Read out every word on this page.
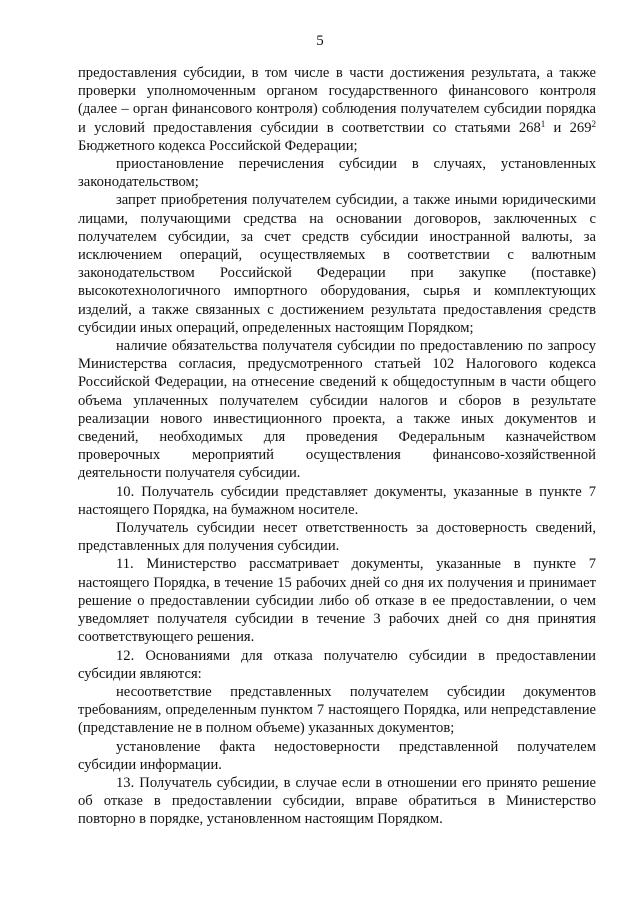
5

предоставления субсидии, в том числе в части достижения результата, а также проверки уполномоченным органом государственного финансового контроля (далее – орган финансового контроля) соблюдения получателем субсидии порядка и условий предоставления субсидии в соответствии со статьями $268^1$ и $269^2$ Бюджетного кодекса Российской Федерации;

приостановление перечисления субсидии в случаях, установленных законодательством;

запрет приобретения получателем субсидии, а также иными юридическими лицами, получающими средства на основании договоров, заключенных с получателем субсидии, за счет средств субсидии иностранной валюты, за исключением операций, осуществляемых в соответствии с валютным законодательством Российской Федерации при закупке (поставке) высокотехнологичного импортного оборудования, сырья и комплектующих изделий, а также связанных с достижением результата предоставления средств субсидии иных операций, определенных настоящим Порядком;

наличие обязательства получателя субсидии по предоставлению по запросу Министерства согласия, предусмотренного статьей 102 Налогового кодекса Российской Федерации, на отнесение сведений к общедоступным в части общего объема уплаченных получателем субсидии налогов и сборов в результате реализации нового инвестиционного проекта, а также иных документов и сведений, необходимых для проведения Федеральным казначейством проверочных мероприятий осуществления финансово-хозяйственной деятельности получателя субсидии.

10. Получатель субсидии представляет документы, указанные в пункте 7 настоящего Порядка, на бумажном носителе.

Получатель субсидии несет ответственность за достоверность сведений, представленных для получения субсидии.

11. Министерство рассматривает документы, указанные в пункте 7 настоящего Порядка, в течение 15 рабочих дней со дня их получения и принимает решение о предоставлении субсидии либо об отказе в ее предоставлении, о чем уведомляет получателя субсидии в течение 3 рабочих дней со дня принятия соответствующего решения.

12. Основаниями для отказа получателю субсидии в предоставлении субсидии являются:

несоответствие представленных получателем субсидии документов требованиям, определенным пунктом 7 настоящего Порядка, или непредставление (представление не в полном объеме) указанных документов;

установление факта недостоверности представленной получателем субсидии информации.

13. Получатель субсидии, в случае если в отношении его принято решение об отказе в предоставлении субсидии, вправе обратиться в Министерство повторно в порядке, установленном настоящим Порядком.
